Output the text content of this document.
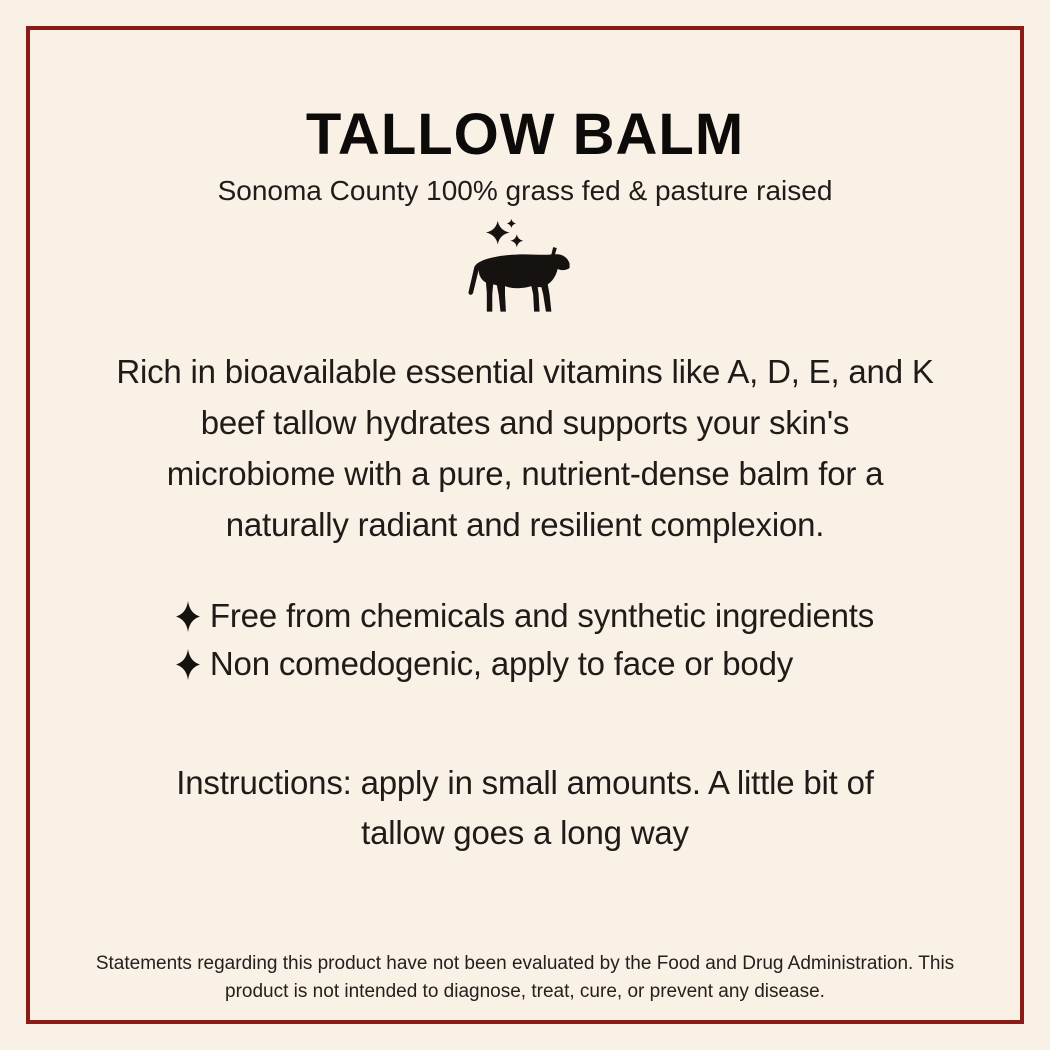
TALLOW BALM
Sonoma County 100% grass fed & pasture raised
Rich in bioavailable essential vitamins like A, D, E, and K
beef tallow hydrates and supports your skin's
microbiome with a pure, nutrient-dense balm for a
naturally radiant and resilient complexion.
Free from chemicals and synthetic ingredients
Non comedogenic, apply to face or body
Instructions: apply in small amounts. A little bit of
tallow goes a long way
Statements regarding this product have not been evaluated by the Food and Drug Administration. This
product is not intended to diagnose, treat, cure, or prevent any disease.
